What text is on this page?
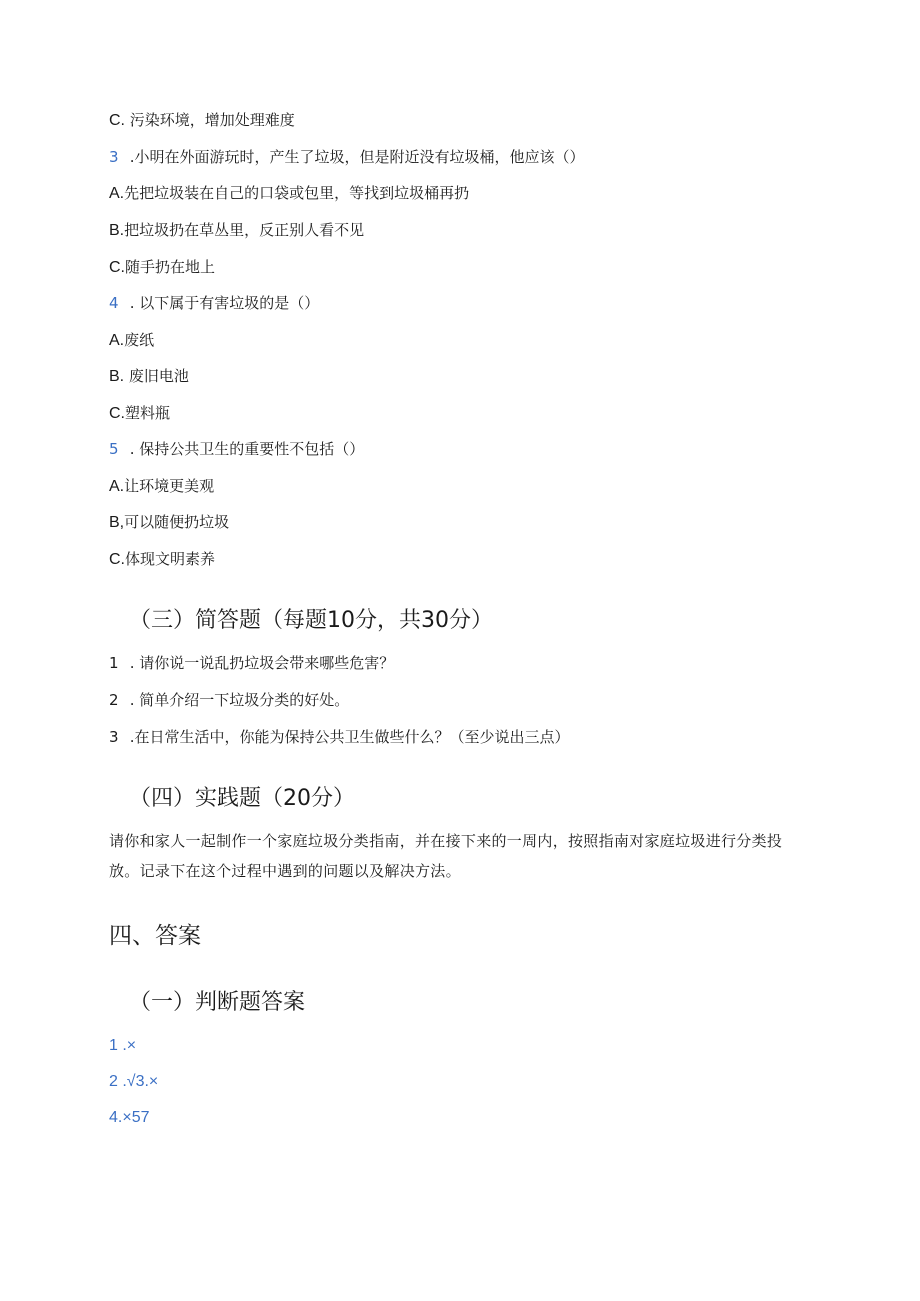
C. 污染环境，增加处理难度
3 .小明在外面游玩时，产生了垃圾，但是附近没有垃圾桶，他应该（）
A.先把垃圾装在自己的口袋或包里，等找到垃圾桶再扔
B.把垃圾扔在草丛里，反正别人看不见
C.随手扔在地上
4 . 以下属于有害垃圾的是（）
A.废纸
B. 废旧电池
C.塑料瓶
5 . 保持公共卫生的重要性不包括（）
A.让环境更美观
B,可以随便扔垃圾
C.体现文明素养
（三）简答题（每题10分，共30分）
1 . 请你说一说乱扔垃圾会带来哪些危害？
2 . 简单介绍一下垃圾分类的好处。
3 .在日常生活中，你能为保持公共卫生做些什么？（至少说出三点）
（四）实践题（20分）
请你和家人一起制作一个家庭垃圾分类指南，并在接下来的一周内，按照指南对家庭垃圾进行分类投放。记录下在这个过程中遇到的问题以及解决方法。
四、答案
（一）判断题答案
1 .×
2 .√3.×
4.×57
